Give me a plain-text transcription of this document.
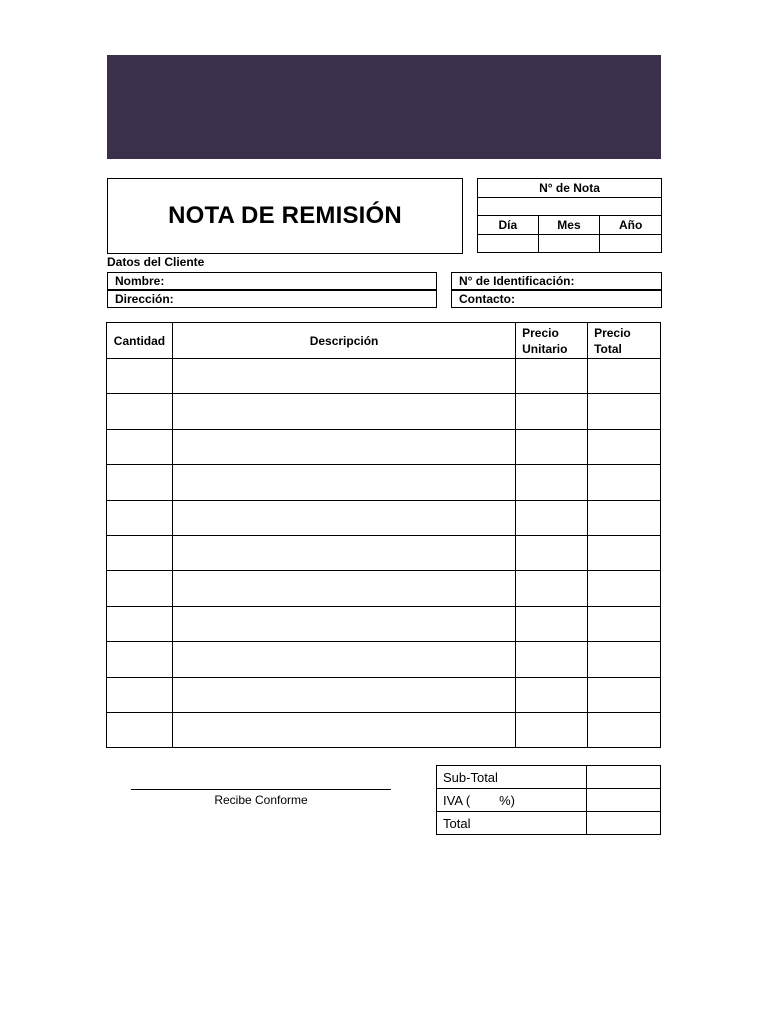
NOTA DE REMISIÓN
N° de Nota		

Día	Mes	Año

Datos del Cliente
Nombre:
Dirección:
N° de Identificación:
Contacto:
Cantidad	Descripción	Precio Unitario	Precio Total

Recibe Conforme
Sub-Total	
IVA (        %)	
Total	
